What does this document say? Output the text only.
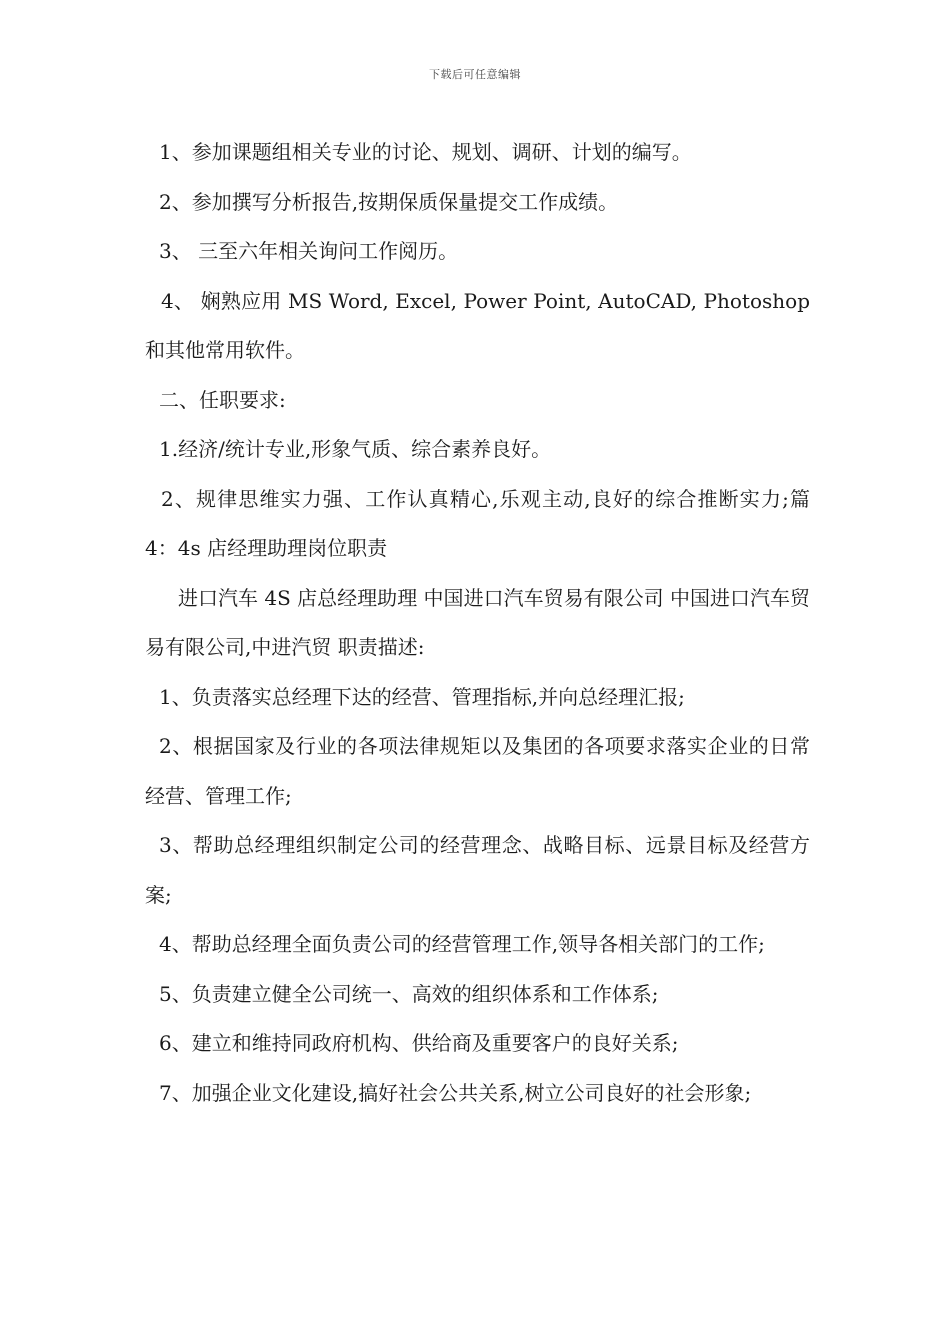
下载后可任意编辑

1、参加课题组相关专业的讨论、规划、调研、计划的编写。

2、参加撰写分析报告,按期保质保量提交工作成绩。

3、 三至六年相关询问工作阅历。

4、 娴熟应用 MS Word, Excel, Power Point, AutoCAD, Photoshop 和其他常用软件。

二、任职要求:

1.经济/统计专业,形象气质、综合素养良好。

2、规律思维实力强、工作认真精心,乐观主动,良好的综合推断实力;篇 4：4s 店经理助理岗位职责

进口汽车 4S 店总经理助理 中国进口汽车贸易有限公司 中国进口汽车贸易有限公司,中进汽贸 职责描述:

1、负责落实总经理下达的经营、管理指标,并向总经理汇报;

2、根据国家及行业的各项法律规矩以及集团的各项要求落实企业的日常经营、管理工作;

3、帮助总经理组织制定公司的经营理念、战略目标、远景目标及经营方案;

4、帮助总经理全面负责公司的经营管理工作,领导各相关部门的工作;

5、负责建立健全公司统一、高效的组织体系和工作体系;

6、建立和维持同政府机构、供给商及重要客户的良好关系;

7、加强企业文化建设,搞好社会公共关系,树立公司良好的社会形象;
